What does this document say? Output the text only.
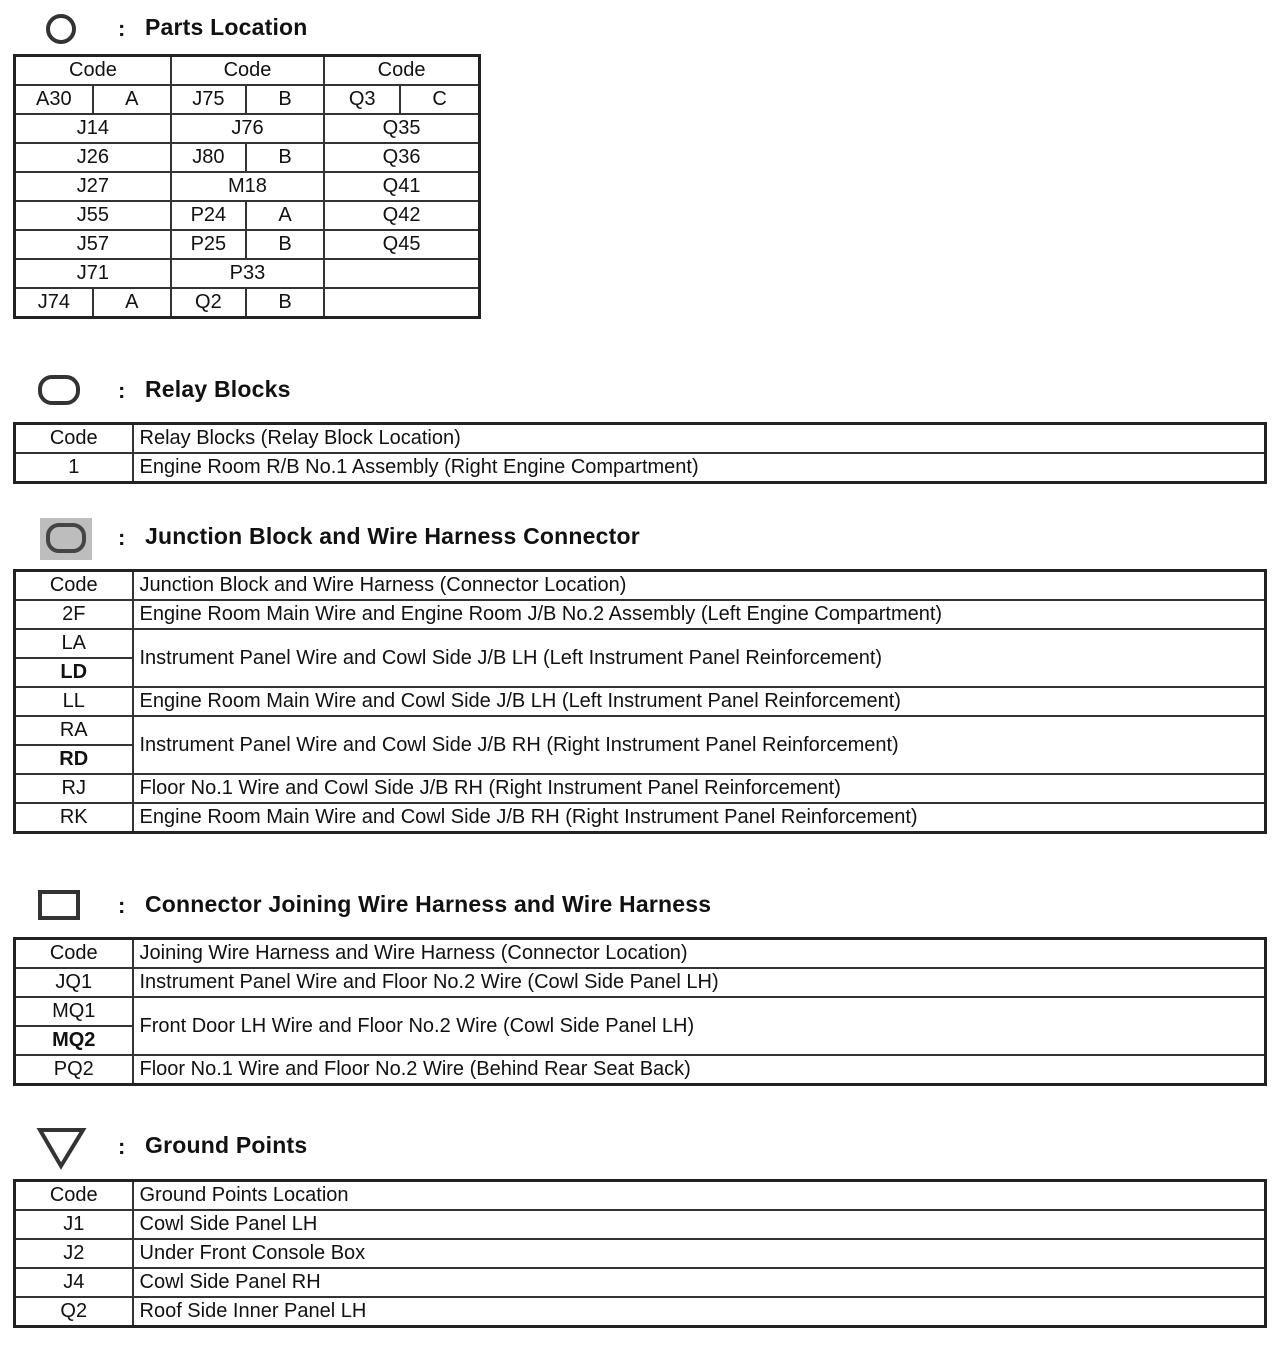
: Parts Location
Code		Code		Code	
A30	A	J75	B	Q3	C
J14		J76		Q35	
J26		J80	B	Q36	
J27		M18		Q41	
J55		P24	A	Q42	
J57		P25	B	Q45	
J71		P33			
J74	A	Q2	B		
: Relay Blocks
Code	Relay Blocks (Relay Block Location)
1	Engine Room R/B No.1 Assembly (Right Engine Compartment)
: Junction Block and Wire Harness Connector
Code	Junction Block and Wire Harness (Connector Location)
2F	Engine Room Main Wire and Engine Room J/B No.2 Assembly (Left Engine Compartment)
LA	Instrument Panel Wire and Cowl Side J/B LH (Left Instrument Panel Reinforcement)
LD	
LL	Engine Room Main Wire and Cowl Side J/B LH (Left Instrument Panel Reinforcement)
RA	Instrument Panel Wire and Cowl Side J/B RH (Right Instrument Panel Reinforcement)
RD	
RJ	Floor No.1 Wire and Cowl Side J/B RH (Right Instrument Panel Reinforcement)
RK	Engine Room Main Wire and Cowl Side J/B RH (Right Instrument Panel Reinforcement)
: Connector Joining Wire Harness and Wire Harness
Code	Joining Wire Harness and Wire Harness (Connector Location)
JQ1	Instrument Panel Wire and Floor No.2 Wire (Cowl Side Panel LH)
MQ1	Front Door LH Wire and Floor No.2 Wire (Cowl Side Panel LH)
MQ2	
PQ2	Floor No.1 Wire and Floor No.2 Wire (Behind Rear Seat Back)
: Ground Points
Code	Ground Points Location
J1	Cowl Side Panel LH
J2	Under Front Console Box
J4	Cowl Side Panel RH
Q2	Roof Side Inner Panel LH
